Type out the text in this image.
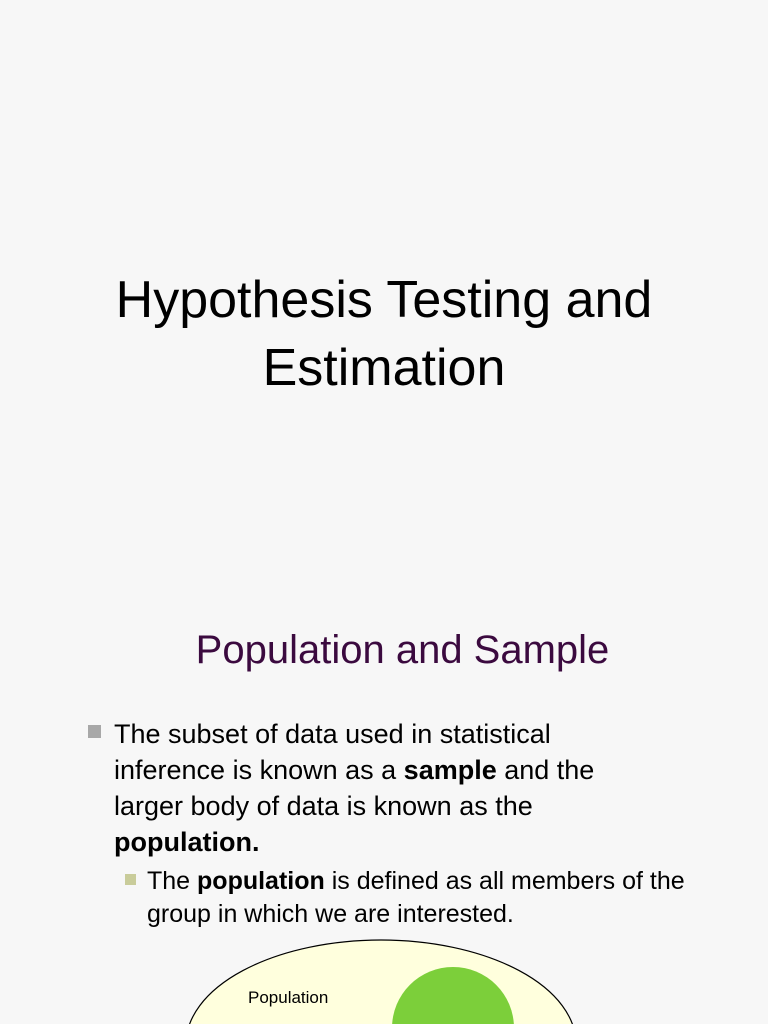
Hypothesis Testing and
Estimation
Population and Sample
The subset of data used in statistical inference is known as a sample and the larger body of data is known as the population.
The population is defined as all members of the group in which we are interested.
Population
